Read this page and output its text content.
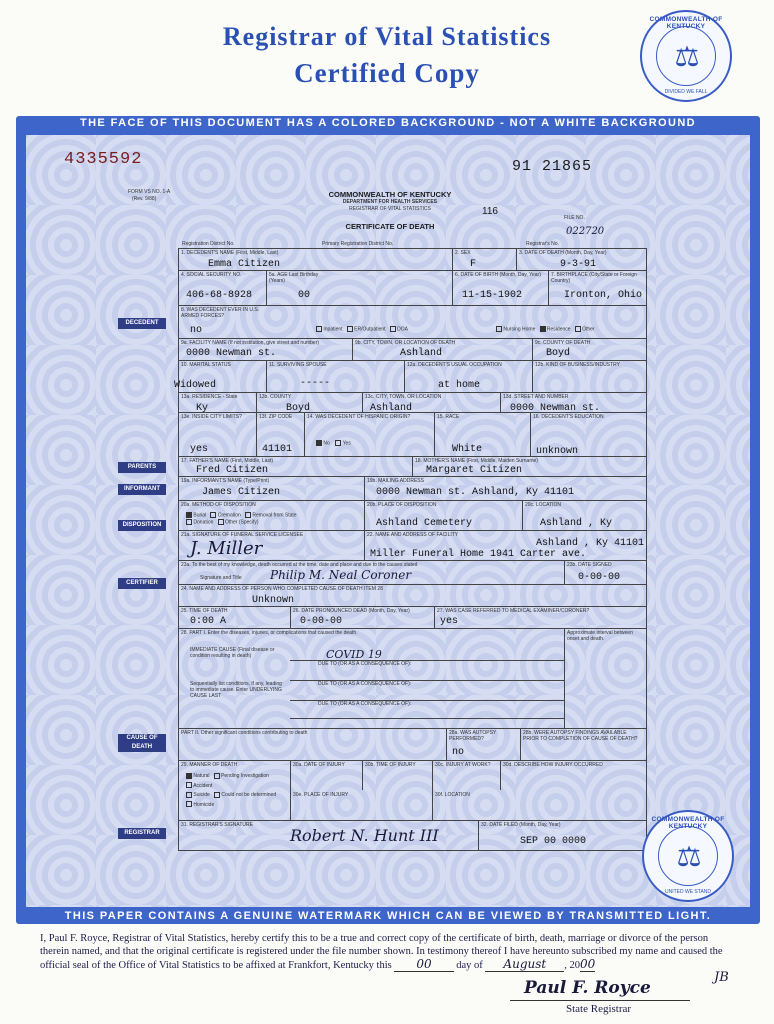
Registrar of Vital Statistics
Certified Copy
COMMONWEALTH OF KENTUCKY
⚖
DIVIDED WE FALL
THE FACE OF THIS DOCUMENT HAS A COLORED BACKGROUND - NOT A WHITE BACKGROUND
THIS PAPER CONTAINS A GENUINE WATERMARK WHICH CAN BE VIEWED BY TRANSMITTED LIGHT.
4335592	91 21865
FORM VS NO. 1-A
(Rev. 9/88)	COMMONWEALTH OF KENTUCKY
DEPARTMENT FOR HEALTH SERVICES
REGISTRAR OF VITAL STATISTICS
CERTIFICATE OF DEATH
116
FILE NO.
022720
Registration District No.	Primary Registration District No.	Registrar's No.
DECEDENT
PARENTS
INFORMANT
DISPOSITION
CERTIFIER
CAUSE OF DEATH
REGISTRAR
1. DECEDENT'S NAME (First, Middle, Last)
Emma Citizen
2. SEX
F
3. DATE OF DEATH (Month, Day, Year)
9-3-91
4. SOCIAL SECURITY NO.
406-68-8928
5a. AGE Last Birthday (Years)
00
6. DATE OF BIRTH (Month, Day, Year)
11-15-1902
7. BIRTHPLACE (City/State or Foreign Country)
Ironton, Ohio
8. WAS DECEDENT EVER IN U.S. ARMED FORCES?
no	Inpatient    ER/Outpatient    DOA	Nursing Home    Residence    Other
9a. FACILITY NAME (If not institution, give street and number)
0000 Newman st.
9b. CITY, TOWN, OR LOCATION OF DEATH
Ashland
9c. COUNTY OF DEATH
Boyd
10. MARITAL STATUS
Widowed
11. SURVIVING SPOUSE
-----
12a. DECEDENT'S USUAL OCCUPATION
at home
12b. KIND OF BUSINESS/INDUSTRY
13a. RESIDENCE - State
Ky
13b. COUNTY
Boyd
13c. CITY, TOWN, OR LOCATION
Ashland
13d. STREET AND NUMBER
0000 Newman st.
13e. INSIDE CITY LIMITS?
yes
13f. ZIP CODE
41101
14. WAS DECEDENT OF HISPANIC ORIGIN?
No	Yes
15. RACE
White
16. DECEDENT'S EDUCATION
unknown
17. FATHER'S NAME (First, Middle, Last)
Fred Citizen
18. MOTHER'S NAME (First, Middle, Maiden Surname)
Margaret Citizen
19a. INFORMANT'S NAME (Type/Print)
James Citizen
19b. MAILING ADDRESS
0000 Newman st. Ashland, Ky 41101
20a. METHOD OF DISPOSITION
Burial Cremation Removal from State
Donation Other (Specify)
20b. PLACE OF DISPOSITION
Ashland Cemetery
20c. LOCATION
Ashland , Ky
21a. SIGNATURE OF FUNERAL SERVICE LICENSEE
J. Miller
22. NAME AND ADDRESS OF FACILITY
Ashland , Ky 41101
Miller Funeral Home 1941 Carter ave.
23a. To the best of my knowledge, death occurred at the time, date and place and due to the causes stated
Signature and Title Philip M. Neal Coroner
23b. DATE SIGNED
0-00-00
24. NAME AND ADDRESS OF PERSON WHO COMPLETED CAUSE OF DEATH ITEM 28
Unknown
25. TIME OF DEATH
0:00 A
26. DATE PRONOUNCED DEAD (Month, Day, Year)
0-00-00
27. WAS CASE REFERRED TO MEDICAL EXAMINER/CORONER?
yes
28. PART I. Enter the diseases, injuries, or complications that caused the death.	Approximate interval between onset and death.
IMMEDIATE CAUSE (Final disease or condition resulting in death)	COVID 19
DUE TO (OR AS A CONSEQUENCE OF):
DUE TO (OR AS A CONSEQUENCE OF):
Sequentially list conditions, if any, leading to immediate cause. Enter UNDERLYING CAUSE LAST
DUE TO (OR AS A CONSEQUENCE OF):
PART II. Other significant conditions contributing to death	28a. WAS AUTOPSY PERFORMED?
no
28b. WERE AUTOPSY FINDINGS AVAILABLE PRIOR TO COMPLETION OF CAUSE OF DEATH?
29. MANNER OF DEATH
Natural Pending Investigation
Accident
Suicide Could not be determined
Homicide
30a. DATE OF INJURY	30b. TIME OF INJURY	30c. INJURY AT WORK?	30d. DESCRIBE HOW INJURY OCCURRED
30e. PLACE OF INJURY	30f. LOCATION
31. REGISTRAR'S SIGNATURE
Robert N. Hunt III
32. DATE FILED (Month, Day, Year)
SEP 00 0000
COMMONWEALTH OF KENTUCKY
⚖
UNITED WE STAND
I, Paul F. Royce, Registrar of Vital Statistics, hereby certify this to be a true and correct copy of the certificate of birth, death, marriage or divorce of the person therein named, and that the original certificate is registered under the file number shown. In testimony thereof I have hereunto subscribed my name and caused the official seal of the Office of Vital Statistics to be affixed at Frankfort, Kentucky this 00 day of August , 2000
Paul F. Royce
JB
State Registrar
